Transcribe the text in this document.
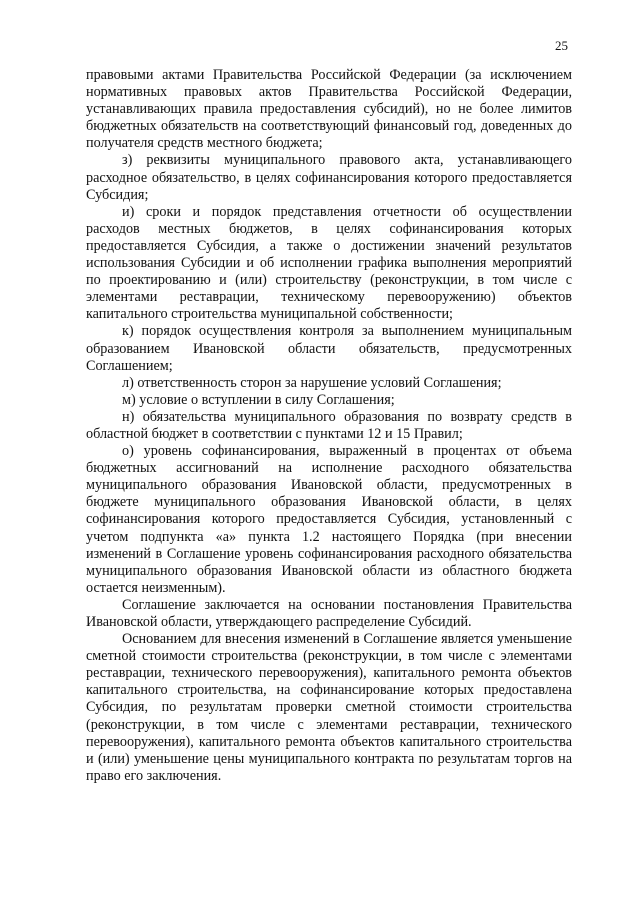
25

правовыми актами Правительства Российской Федерации (за исключением нормативных правовых актов Правительства Российской Федерации, устанавливающих правила предоставления субсидий), но не более лимитов бюджетных обязательств на соответствующий финансовый год, доведенных до получателя средств местного бюджета;

з) реквизиты муниципального правового акта, устанавливающего расходное обязательство, в целях софинансирования которого предоставляется Субсидия;

и) сроки и порядок представления отчетности об осуществлении расходов местных бюджетов, в целях софинансирования которых предоставляется Субсидия, а также о достижении значений результатов использования Субсидии и об исполнении графика выполнения мероприятий по проектированию и (или) строительству (реконструкции, в том числе с элементами реставрации, техническому перевооружению) объектов капитального строительства муниципальной собственности;

к) порядок осуществления контроля за выполнением муниципальным образованием Ивановской области обязательств, предусмотренных Соглашением;

л) ответственность сторон за нарушение условий Соглашения;

м) условие о вступлении в силу Соглашения;

н) обязательства муниципального образования по возврату средств в областной бюджет в соответствии с пунктами 12 и 15 Правил;

о) уровень софинансирования, выраженный в процентах от объема бюджетных ассигнований на исполнение расходного обязательства муниципального образования Ивановской области, предусмотренных в бюджете муниципального образования Ивановской области, в целях софинансирования которого предоставляется Субсидия, установленный с учетом подпункта «а» пункта 1.2 настоящего Порядка (при внесении изменений в Соглашение уровень софинансирования расходного обязательства муниципального образования Ивановской области из областного бюджета остается неизменным).

Соглашение заключается на основании постановления Правительства Ивановской области, утверждающего распределение Субсидий.

Основанием для внесения изменений в Соглашение является уменьшение сметной стоимости строительства (реконструкции, в том числе с элементами реставрации, технического перевооружения), капитального ремонта объектов капитального строительства, на софинансирование которых предоставлена Субсидия, по результатам проверки сметной стоимости строительства (реконструкции, в том числе с элементами реставрации, технического перевооружения), капитального ремонта объектов капитального строительства и (или) уменьшение цены муниципального контракта по результатам торгов на право его заключения.
